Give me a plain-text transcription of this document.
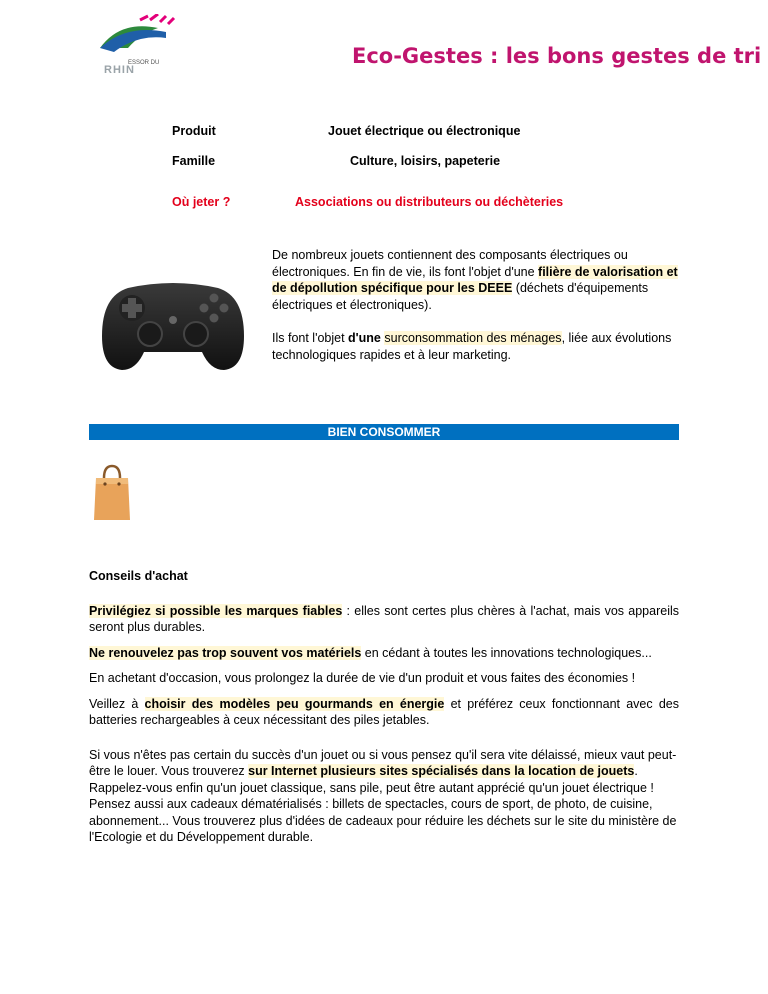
ESSOR DU
RHIN
Eco-Gestes : les bons gestes de tri
Produit	Jouet électrique ou électronique
Famille	Culture, loisirs, papeterie
Où jeter ?	Associations ou distributeurs ou déchèteries

De nombreux jouets contiennent des composants électriques ou électroniques. En fin de vie, ils font l'objet d'une filière de valorisation et de dépollution spécifique pour les DEEE (déchets d'équipements électriques et électroniques).

Ils font l'objet d'une surconsommation des ménages, liée aux évolutions technologiques rapides et à leur marketing.

BIEN CONSOMMER
Conseils d'achat

Privilégiez si possible les marques fiables : elles sont certes plus chères à l'achat, mais vos appareils seront plus durables.

Ne renouvelez pas trop souvent vos matériels en cédant à toutes les innovations technologiques...

En achetant d'occasion, vous prolongez la durée de vie d'un produit et vous faites des économies !

Veillez à choisir des modèles peu gourmands en énergie et préférez ceux fonctionnant avec des batteries rechargeables à ceux nécessitant des piles jetables.

Si vous n'êtes pas certain du succès d'un jouet ou si vous pensez qu'il sera vite délaissé, mieux vaut peut-être le louer. Vous trouverez sur Internet plusieurs sites spécialisés dans la location de jouets. Rappelez-vous enfin qu'un jouet classique, sans pile, peut être autant apprécié qu'un jouet électrique ! Pensez aussi aux cadeaux dématérialisés : billets de spectacles, cours de sport, de photo, de cuisine, abonnement... Vous trouverez plus d'idées de cadeaux pour réduire les déchets sur le site du ministère de l'Ecologie et du Développement durable.
